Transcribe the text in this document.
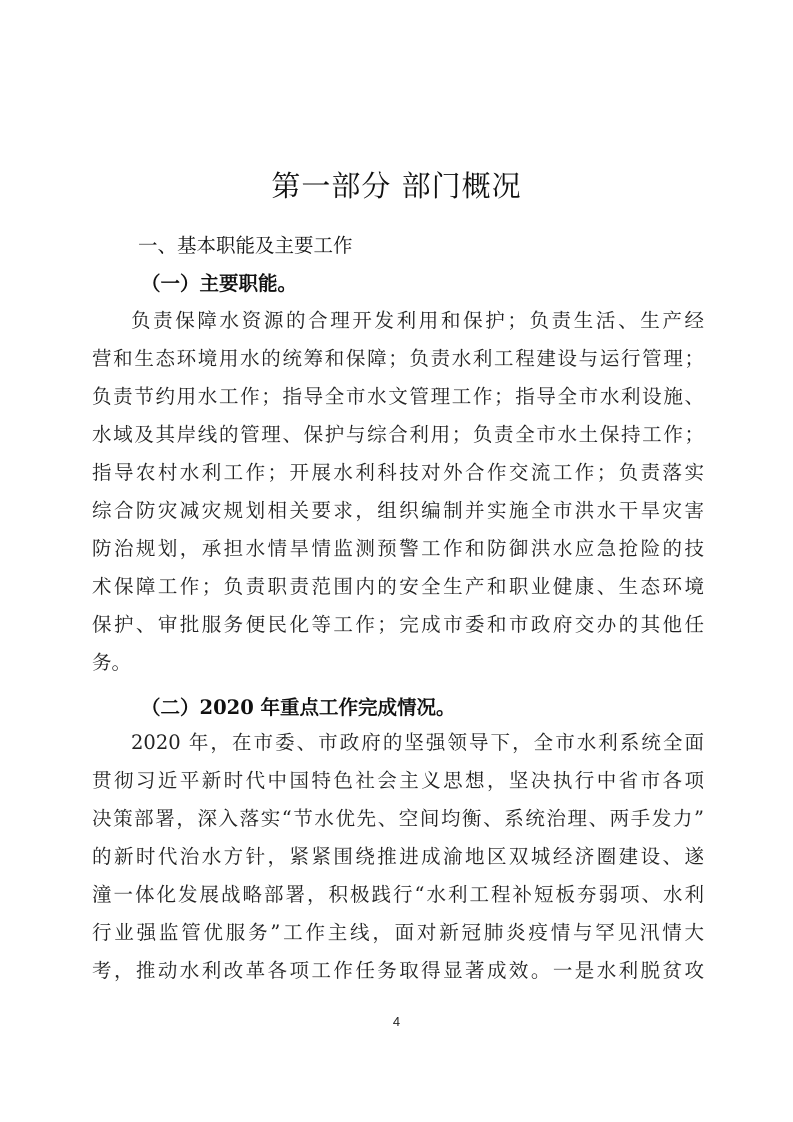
第一部分 部门概况
一、基本职能及主要工作
（一）主要职能。
负责保障水资源的合理开发利用和保护；负责生活、生产经
营和生态环境用水的统筹和保障；负责水利工程建设与运行管理；
负责节约用水工作；指导全市水文管理工作；指导全市水利设施、
水域及其岸线的管理、保护与综合利用；负责全市水土保持工作；
指导农村水利工作；开展水利科技对外合作交流工作；负责落实
综合防灾减灾规划相关要求，组织编制并实施全市洪水干旱灾害
防治规划，承担水情旱情监测预警工作和防御洪水应急抢险的技
术保障工作；负责职责范围内的安全生产和职业健康、生态环境
保护、审批服务便民化等工作；完成市委和市政府交办的其他任
务。
（二）2020 年重点工作完成情况。
2020 年，在市委、市政府的坚强领导下，全市水利系统全面
贯彻习近平新时代中国特色社会主义思想，坚决执行中省市各项
决策部署，深入落实“节水优先、空间均衡、系统治理、两手发力”
的新时代治水方针，紧紧围绕推进成渝地区双城经济圈建设、遂
潼一体化发展战略部署，积极践行“水利工程补短板夯弱项、水利
行业强监管优服务”工作主线，面对新冠肺炎疫情与罕见汛情大
考，推动水利改革各项工作任务取得显著成效。一是水利脱贫攻
4
